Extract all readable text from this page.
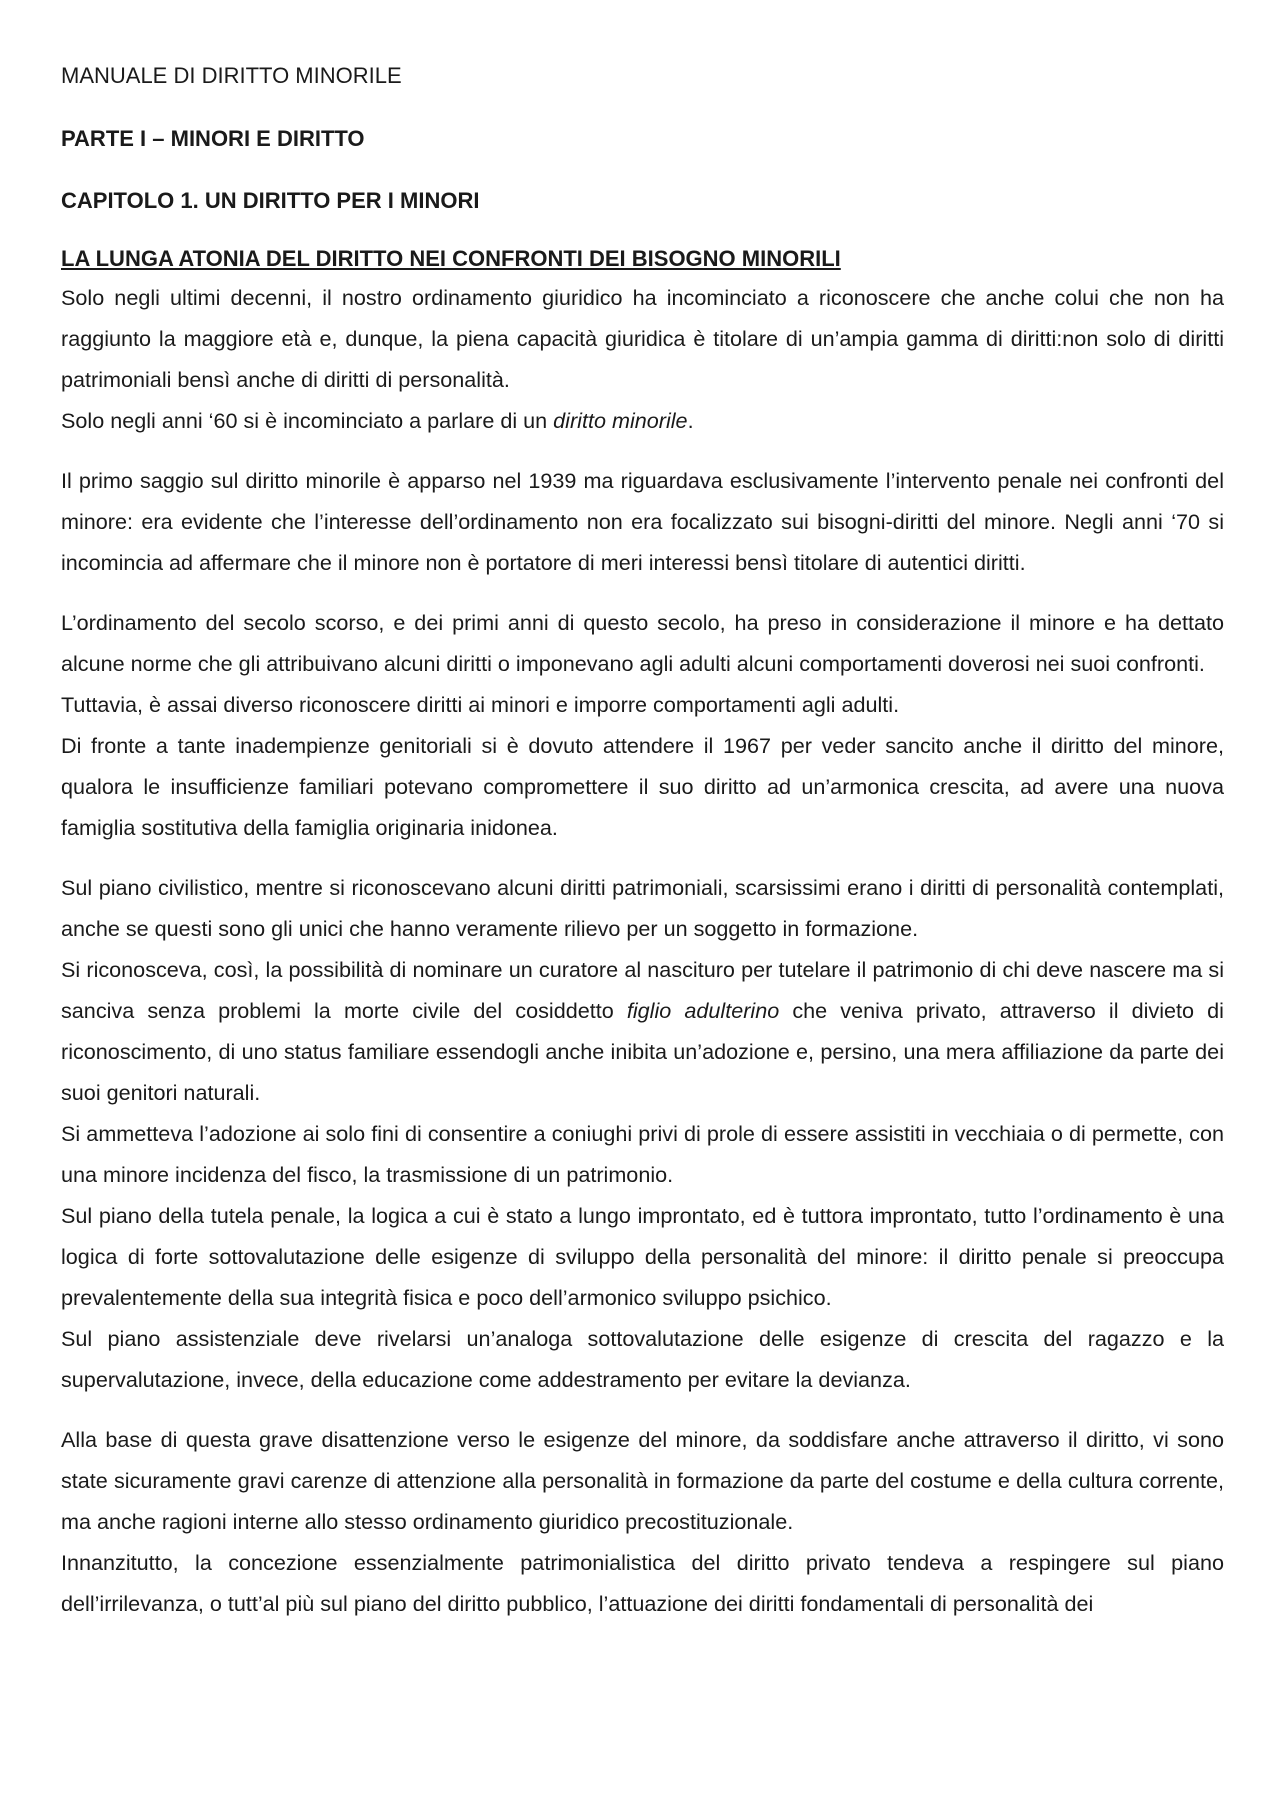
MANUALE DI DIRITTO MINORILE
PARTE I – MINORI E DIRITTO
CAPITOLO 1. UN DIRITTO PER I MINORI
LA LUNGA ATONIA DEL DIRITTO NEI CONFRONTI DEI BISOGNO MINORILI

Solo negli ultimi decenni, il nostro ordinamento giuridico ha incominciato a riconoscere che anche colui che non ha raggiunto la maggiore età e, dunque, la piena capacità giuridica è titolare di un’ampia gamma di diritti:non solo di diritti patrimoniali bensì anche di diritti di personalità.

Solo negli anni ‘60 si è incominciato a parlare di un diritto minorile.

Il primo saggio sul diritto minorile è apparso nel 1939 ma riguardava esclusivamente l’intervento penale nei confronti del minore: era evidente che l’interesse dell’ordinamento non era focalizzato sui bisogni-diritti del minore. Negli anni ‘70 si incomincia ad affermare che il minore non è portatore di meri interessi bensì titolare di autentici diritti.

L’ordinamento del secolo scorso, e dei primi anni di questo secolo, ha preso in considerazione il minore e ha dettato alcune norme che gli attribuivano alcuni diritti o imponevano agli adulti alcuni comportamenti doverosi nei suoi confronti.

Tuttavia, è assai diverso riconoscere diritti ai minori e imporre comportamenti agli adulti.

Di fronte a tante inadempienze genitoriali si è dovuto attendere il 1967 per veder sancito anche il diritto del minore, qualora le insufficienze familiari potevano compromettere il suo diritto ad un’armonica crescita, ad avere una nuova famiglia sostitutiva della famiglia originaria inidonea.

Sul piano civilistico, mentre si riconoscevano alcuni diritti patrimoniali, scarsissimi erano i diritti di personalità contemplati, anche se questi sono gli unici che hanno veramente rilievo per un soggetto in formazione.

Si riconosceva, così, la possibilità di nominare un curatore al nascituro per tutelare il patrimonio di chi deve nascere ma si sanciva senza problemi la morte civile del cosiddetto figlio adulterino che veniva privato, attraverso il divieto di riconoscimento, di uno status familiare essendogli anche inibita un’adozione e, persino, una mera affiliazione da parte dei suoi genitori naturali.

Si ammetteva l’adozione ai solo fini di consentire a coniughi privi di prole di essere assistiti in vecchiaia o di permette, con una minore incidenza del fisco, la trasmissione di un patrimonio.

Sul piano della tutela penale, la logica a cui è stato a lungo improntato, ed è tuttora improntato, tutto l’ordinamento è una logica di forte sottovalutazione delle esigenze di sviluppo della personalità del minore: il diritto penale si preoccupa prevalentemente della sua integrità fisica e poco dell’armonico sviluppo psichico.

Sul piano assistenziale deve rivelarsi un’analoga sottovalutazione delle esigenze di crescita del ragazzo e la supervalutazione, invece, della educazione come addestramento per evitare la devianza.

Alla base di questa grave disattenzione verso le esigenze del minore, da soddisfare anche attraverso il diritto, vi sono state sicuramente gravi carenze di attenzione alla personalità in formazione da parte del costume e della cultura corrente, ma anche ragioni interne allo stesso ordinamento giuridico precostituzionale.

Innanzitutto, la concezione essenzialmente patrimonialistica del diritto privato tendeva a respingere sul piano dell’irrilevanza, o tutt’al più sul piano del diritto pubblico, l’attuazione dei diritti fondamentali di personalità dei
